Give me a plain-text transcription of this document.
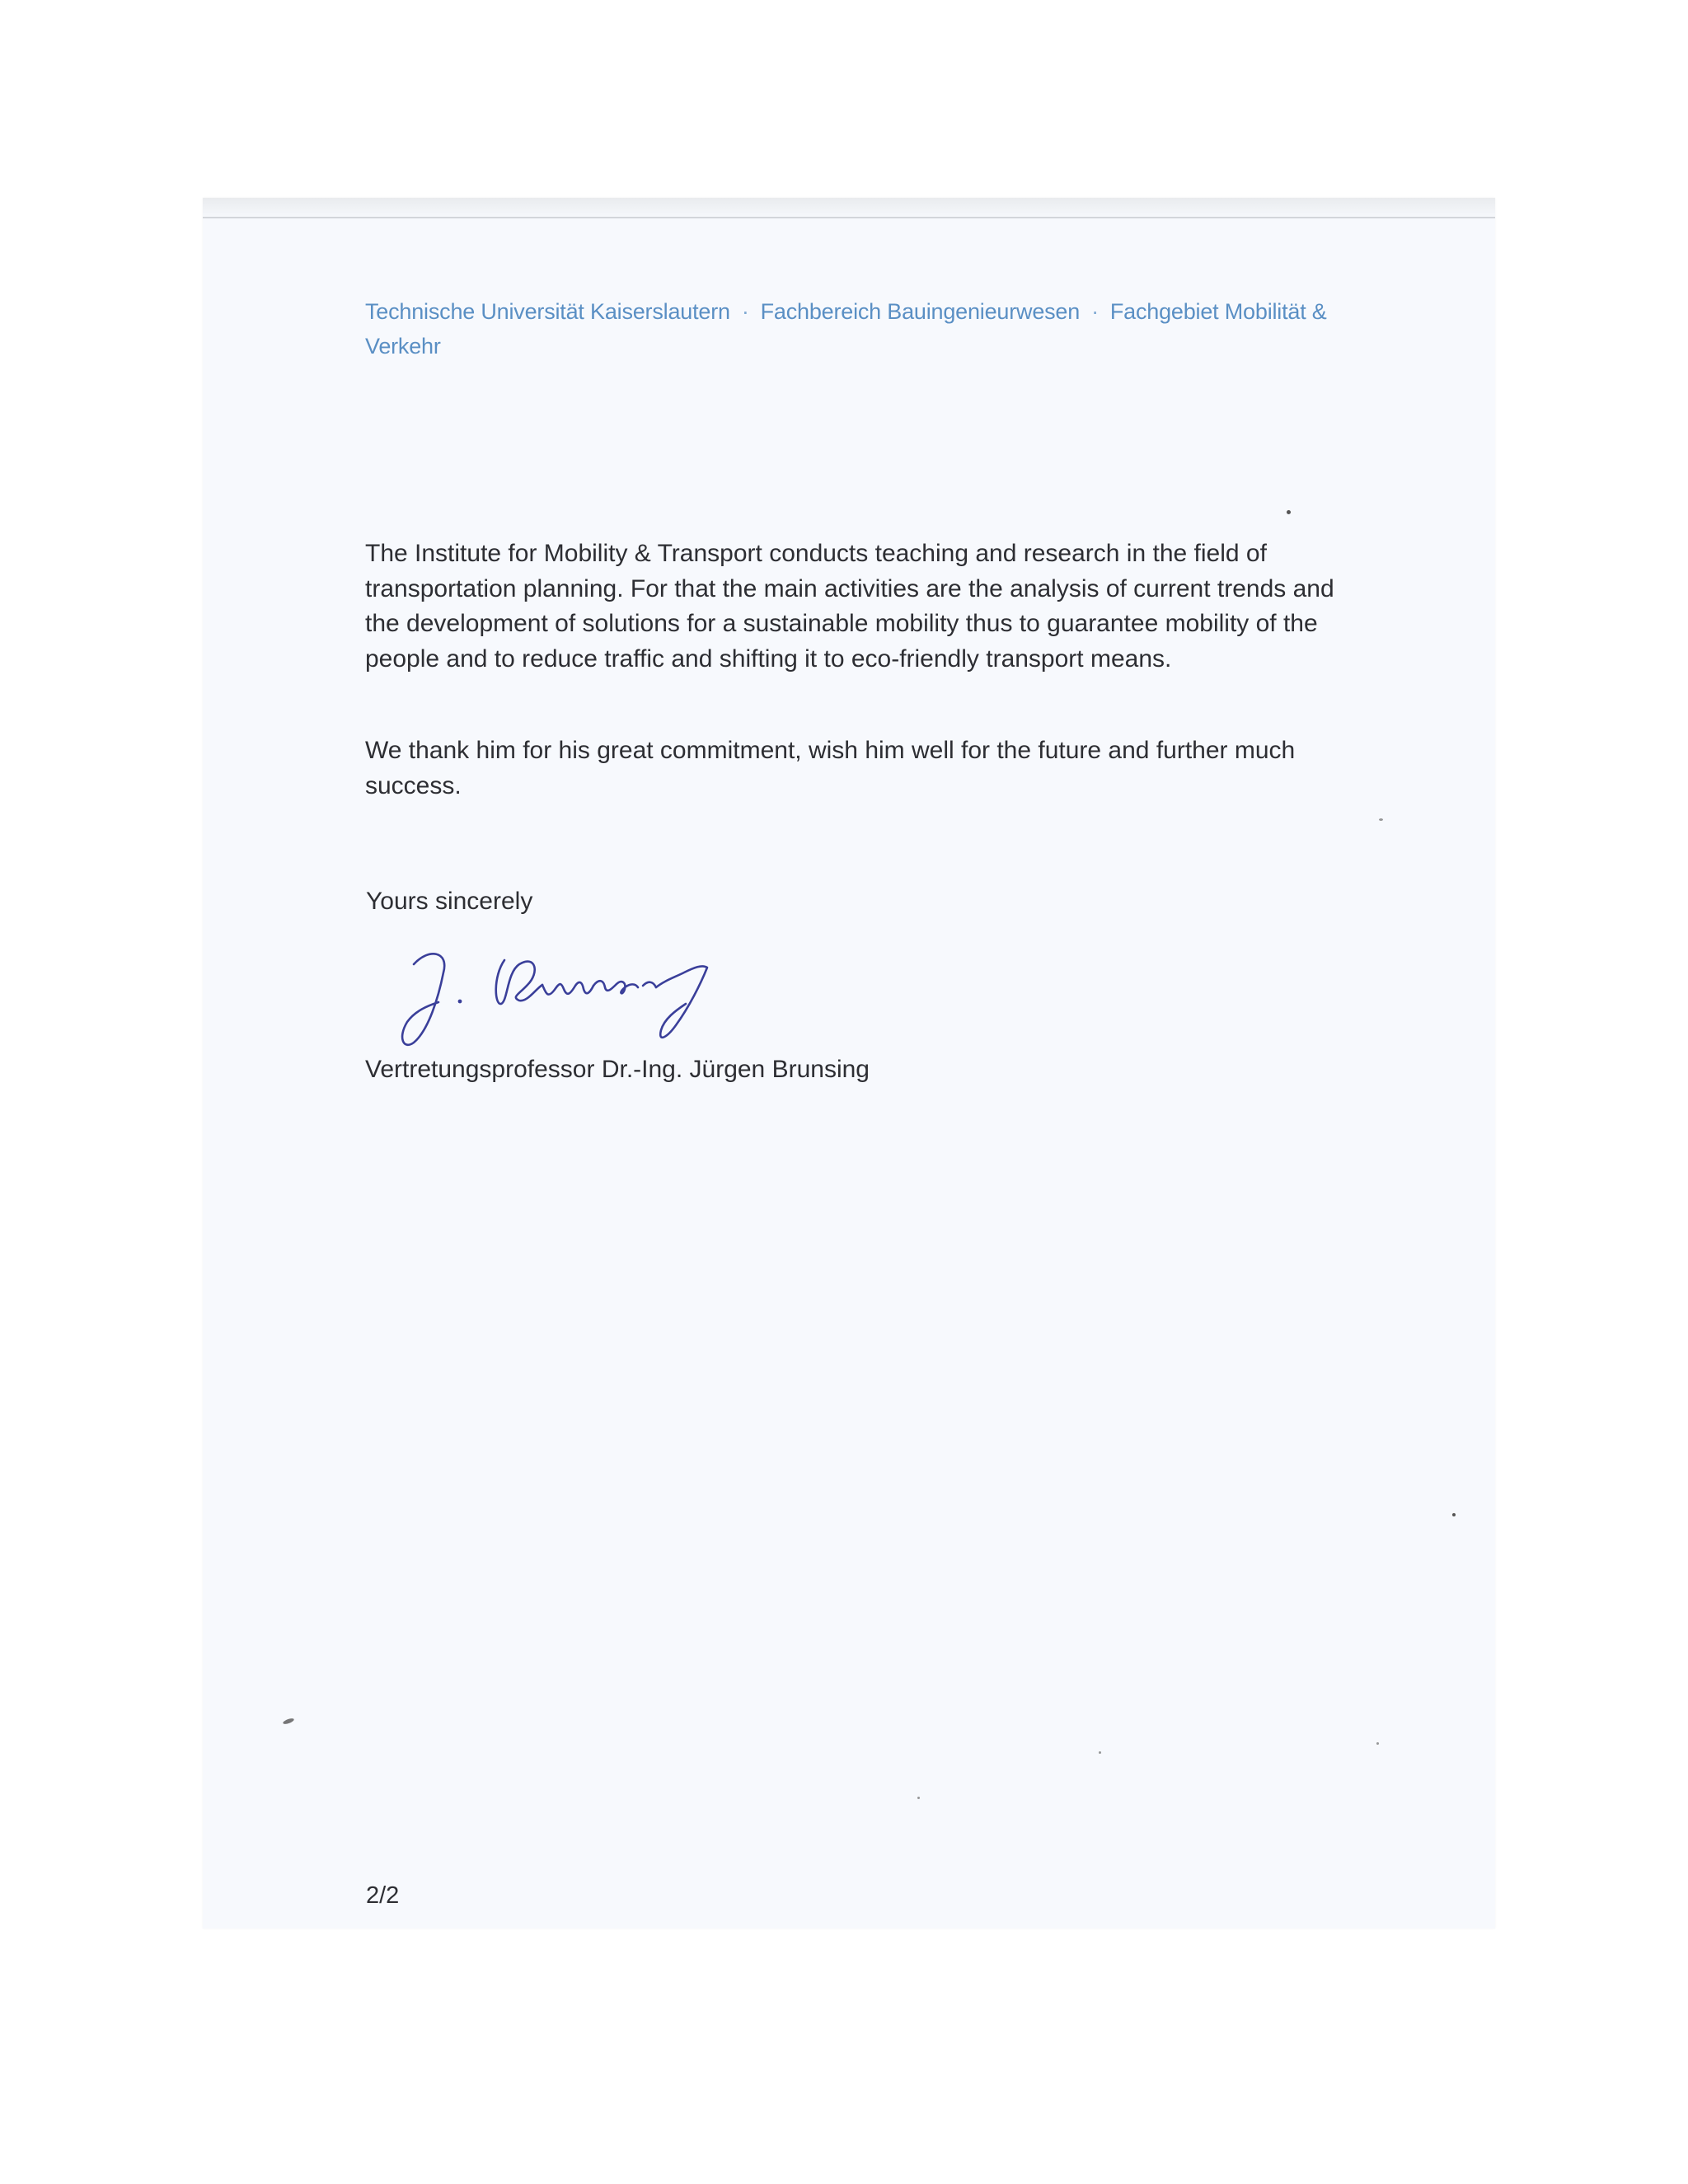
Technische Universität Kaiserslautern · Fachbereich Bauingenieurwesen · Fachgebiet Mobilität & Verkehr
The Institute for Mobility & Transport conducts teaching and research in the field of transportation planning. For that the main activities are the analysis of current trends and the development of solutions for a sustainable mobility thus to guarantee mobility of the people and to reduce traffic and shifting it to eco-friendly transport means.
We thank him for his great commitment, wish him well for the future and further much success.
Yours sincerely
Vertretungsprofessor Dr.-Ing. Jürgen Brunsing
2/2
